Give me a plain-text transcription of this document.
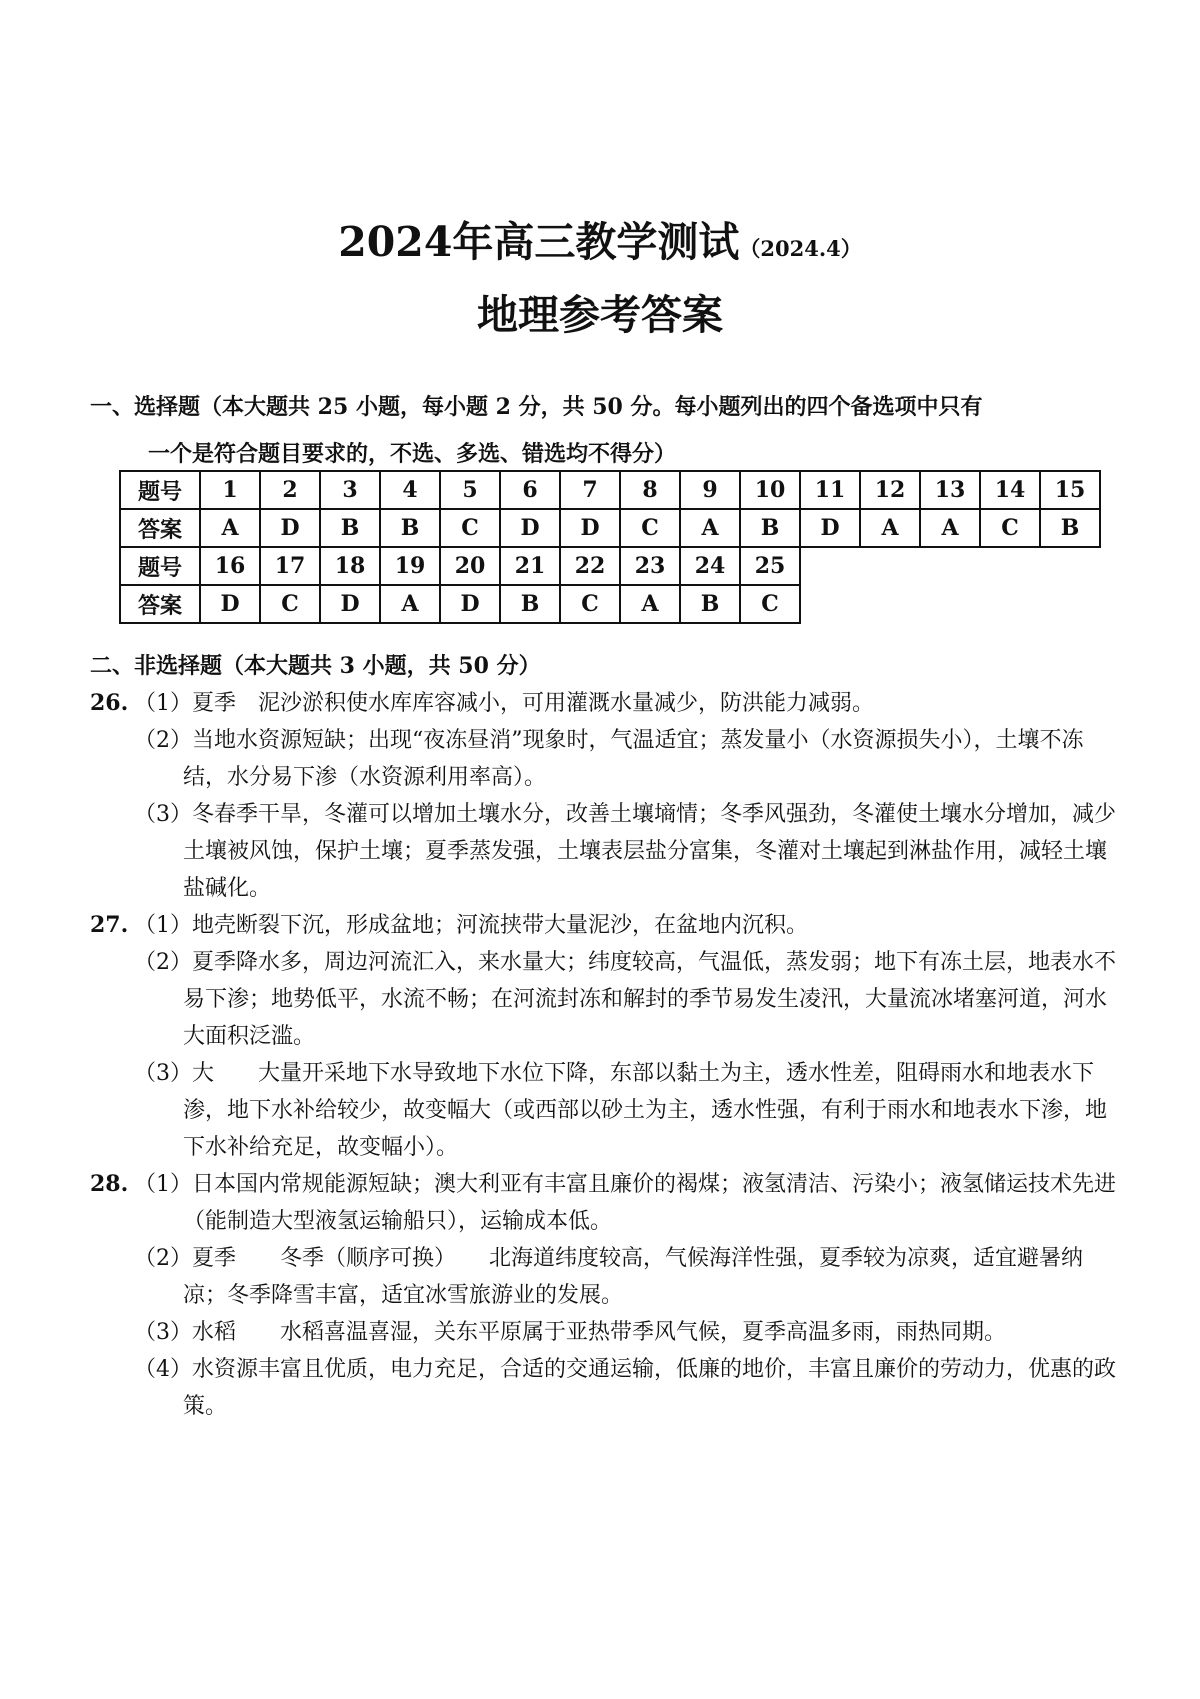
2024年高三教学测试（2024.4）
地理参考答案
一、选择题（本大题共 25 小题，每小题 2 分，共 50 分。每小题列出的四个备选项中只有
一个是符合题目要求的，不选、多选、错选均不得分）
题号	1	2	3	4	5	6	7	8	9	10	11	12	13	14	15
答案	A	D	B	B	C	D	D	C	A	B	D	A	A	C	B
题号	16	17	18	19	20	21	22	23	24	25					
答案	D	C	D	A	D	B	C	A	B	C					
二、非选择题（本大题共 3 小题，共 50 分）
26. （1）夏季　泥沙淤积使水库库容减小，可用灌溉水量减少，防洪能力减弱。
（2）当地水资源短缺；出现“夜冻昼消”现象时，气温适宜；蒸发量小（水资源损失小），土壤不冻结，水分易下渗（水资源利用率高）。
（3）冬春季干旱，冬灌可以增加土壤水分，改善土壤墒情；冬季风强劲，冬灌使土壤水分增加，减少土壤被风蚀，保护土壤；夏季蒸发强，土壤表层盐分富集，冬灌对土壤起到淋盐作用，减轻土壤盐碱化。
27. （1）地壳断裂下沉，形成盆地；河流挟带大量泥沙，在盆地内沉积。
（2）夏季降水多，周边河流汇入，来水量大；纬度较高，气温低，蒸发弱；地下有冻土层，地表水不易下渗；地势低平，水流不畅；在河流封冻和解封的季节易发生凌汛，大量流冰堵塞河道，河水大面积泛滥。
（3）大　　大量开采地下水导致地下水位下降，东部以黏土为主，透水性差，阻碍雨水和地表水下渗，地下水补给较少，故变幅大（或西部以砂土为主，透水性强，有利于雨水和地表水下渗，地下水补给充足，故变幅小）。
28. （1）日本国内常规能源短缺；澳大利亚有丰富且廉价的褐煤；液氢清洁、污染小；液氢储运技术先进（能制造大型液氢运输船只），运输成本低。
（2）夏季　　冬季（顺序可换）　　北海道纬度较高，气候海洋性强，夏季较为凉爽，适宜避暑纳凉；冬季降雪丰富，适宜冰雪旅游业的发展。
（3）水稻　　水稻喜温喜湿，关东平原属于亚热带季风气候，夏季高温多雨，雨热同期。
（4）水资源丰富且优质，电力充足，合适的交通运输，低廉的地价，丰富且廉价的劳动力，优惠的政策。
